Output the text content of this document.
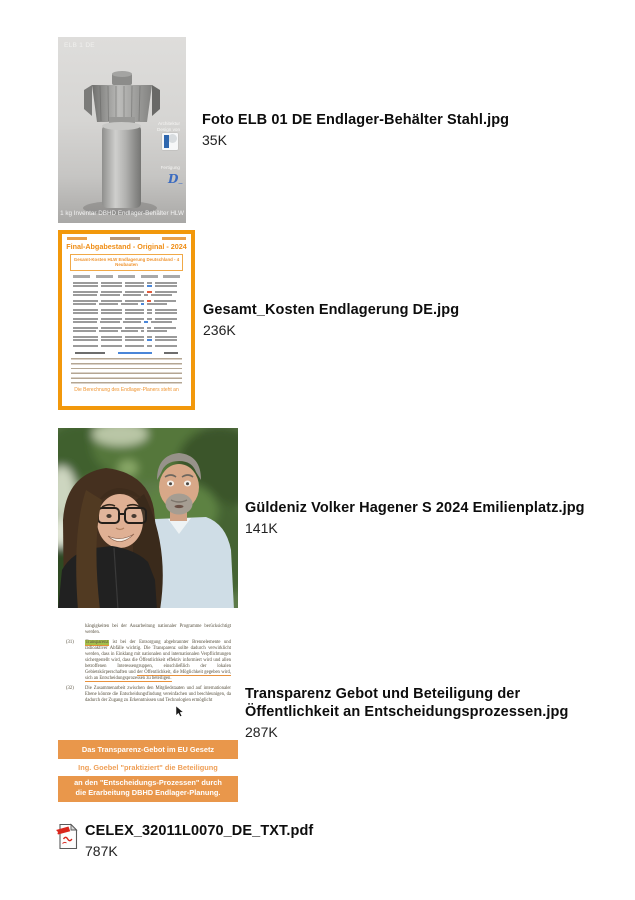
ELB 1 DE
Architektur
Design von
Fertigung
D͜ ͟
1 kg Inventar DBHD Endlager-Behälter HLW
Foto ELB 01 DE Endlager-Behälter Stahl.jpg
35K
Final-Abgabestand - Original - 2024
Gesamt-Kosten HLW Endlagerung Deutschland - 4 Neubauten
Die Berechnung des Endlager-Planers steht an
Gesamt_Kosten Endlagerung DE.jpg
236K
Güldeniz Volker Hagener S 2024 Emilienplatz.jpg
141K

hängigkeiten bei der Ausarbeitung nationaler Programme berücksichtigt werden.

(31) Transparenz ist bei der Entsorgung abgebrannter Brennelemente und radioaktiver Abfälle wichtig. Die Transparenz sollte dadurch verwirklicht werden, dass in Einklang mit nationalen und internationalen Verpflichtungen sichergestellt wird, dass die Öffentlichkeit effektiv informiert wird und allen betroffenen Interessengruppen, einschließlich der lokalen Gebietskörperschaften und der Öffentlichkeit, die Möglichkeit gegeben wird, sich an Entscheidungsprozessen zu beteiligen.

(32) Die Zusammenarbeit zwischen den Mitgliedstaaten und auf internationaler Ebene könnte die Entscheidungsfindung vereinfachen und beschleunigen, da dadurch der Zugang zu Erkenntnissen und Technologien ermöglicht

Das Transparenz-Gebot im EU Gesetz
Ing. Goebel "praktiziert" die Beteiligung
an den "Entscheidungs-Prozessen" durch
die Erarbeitung DBHD Endlager-Planung.
Transparenz Gebot und Beteiligung der Öffentlichkeit an Entscheidungsprozessen.jpg
287K
CELEX_32011L0070_DE_TXT.pdf
787K
